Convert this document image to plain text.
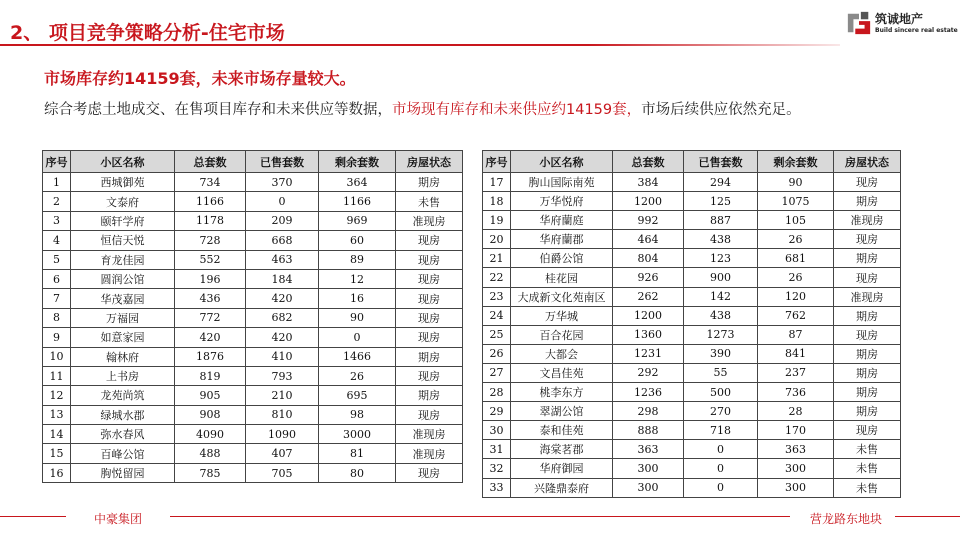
2、 项目竞争策略分析-住宅市场
筑诚地产
Build sincere real estate
市场库存约14159套，未来市场存量较大。
综合考虑土地成交、在售项目库存和未来供应等数据，市场现有库存和未来供应约14159套，市场后续供应依然充足。
序号	小区名称	总套数	已售套数	剩余套数	房屋状态
1	西城御苑	734	370	364	期房
2	文泰府	1166	0	1166	未售
3	颐轩学府	1178	209	969	准现房
4	恒信天悦	728	668	60	现房
5	育龙佳园	552	463	89	现房
6	圆润公馆	196	184	12	现房
7	华茂嘉园	436	420	16	现房
8	万福园	772	682	90	现房
9	如意家园	420	420	0	现房
10	翰林府	1876	410	1466	期房
11	上书房	819	793	26	现房
12	龙苑尚筑	905	210	695	期房
13	绿城水郡	908	810	98	现房
14	弥水春风	4090	1090	3000	准现房
15	百峰公馆	488	407	81	准现房
16	朐悦留园	785	705	80	现房
序号	小区名称	总套数	已售套数	剩余套数	房屋状态
17	朐山国际南苑	384	294	90	现房
18	万华悦府	1200	125	1075	期房
19	华府蘭庭	992	887	105	准现房
20	华府蘭郡	464	438	26	现房
21	伯爵公馆	804	123	681	期房
22	桂花园	926	900	26	现房
23	大成新文化苑南区	262	142	120	准现房
24	万华城	1200	438	762	期房
25	百合花园	1360	1273	87	现房
26	大都会	1231	390	841	期房
27	文昌佳苑	292	55	237	期房
28	桃李东方	1236	500	736	期房
29	翠湖公馆	298	270	28	期房
30	泰和佳苑	888	718	170	现房
31	海棠茗郡	363	0	363	未售
32	华府御园	300	0	300	未售
33	兴隆鼎泰府	300	0	300	未售
中豪集团	营龙路东地块
